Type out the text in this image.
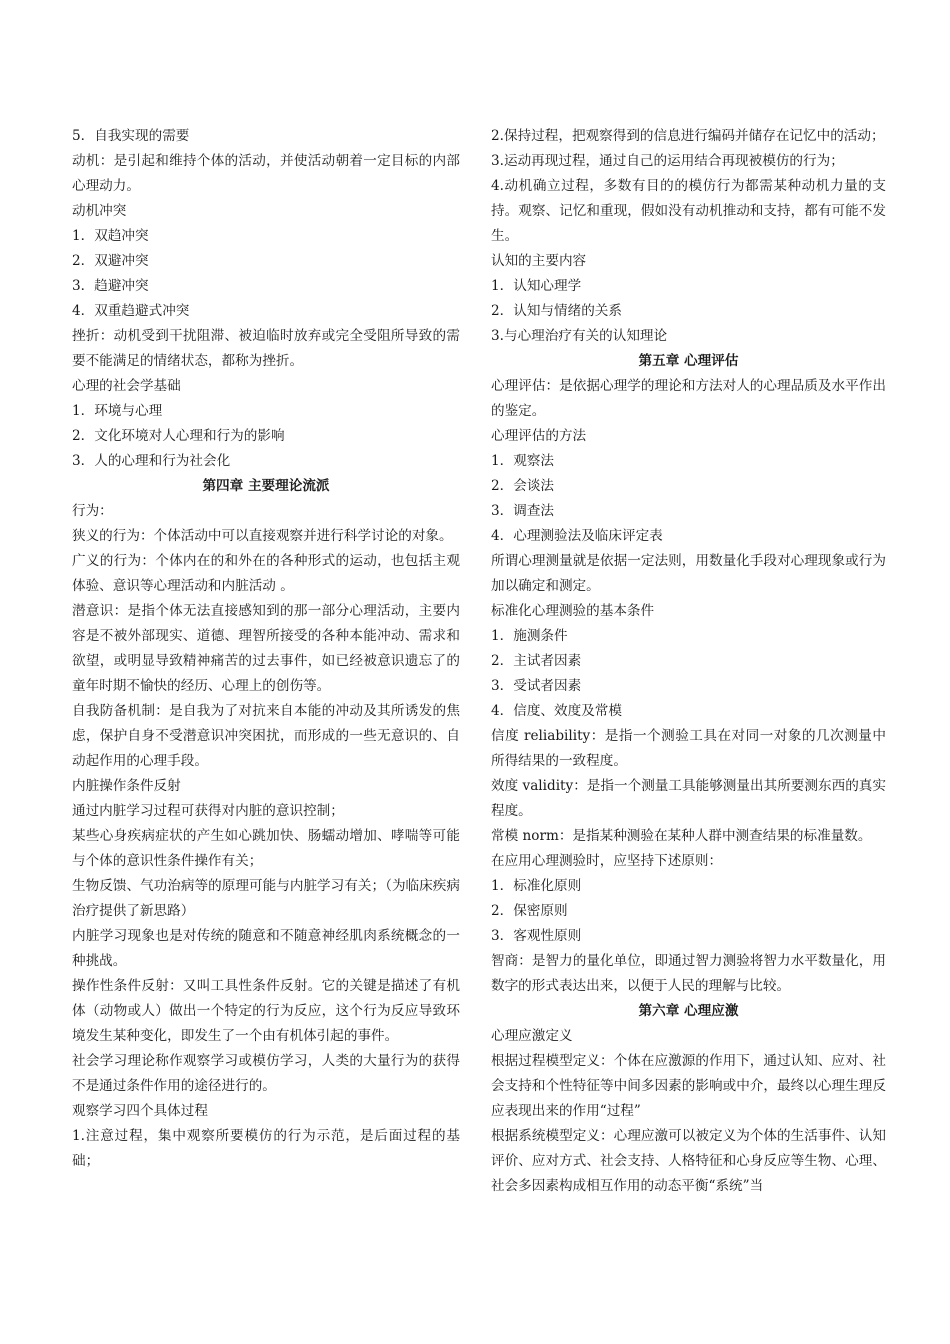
5．自我实现的需要

动机：是引起和维持个体的活动，并使活动朝着一定目标的内部心理动力。

动机冲突

1．双趋冲突

2．双避冲突

3．趋避冲突

4．双重趋避式冲突

挫折：动机受到干扰阻滞、被迫临时放弃或完全受阻所导致的需要不能满足的情绪状态，都称为挫折。

心理的社会学基础

1．环境与心理

2．文化环境对人心理和行为的影响

3．人的心理和行为社会化

第四章 主要理论流派

行为：

狭义的行为：个体活动中可以直接观察并进行科学讨论的对象。

广义的行为：个体内在的和外在的各种形式的运动，也包括主观体验、意识等心理活动和内脏活动 。

潜意识：是指个体无法直接感知到的那一部分心理活动，主要内容是不被外部现实、道德、理智所接受的各种本能冲动、需求和欲望，或明显导致精神痛苦的过去事件，如已经被意识遗忘了的童年时期不愉快的经历、心理上的创伤等。

自我防备机制：是自我为了对抗来自本能的冲动及其所诱发的焦虑，保护自身不受潜意识冲突困扰，而形成的一些无意识的、自动起作用的心理手段。

内脏操作条件反射

通过内脏学习过程可获得对内脏的意识控制；

某些心身疾病症状的产生如心跳加快、肠蠕动增加、哮喘等可能与个体的意识性条件操作有关；

生物反馈、气功治病等的原理可能与内脏学习有关；（为临床疾病治疗提供了新思路）

内脏学习现象也是对传统的随意和不随意神经肌肉系统概念的一种挑战。

操作性条件反射：又叫工具性条件反射。它的关键是描述了有机体（动物或人）做出一个特定的行为反应，这个行为反应导致环境发生某种变化，即发生了一个由有机体引起的事件。

社会学习理论称作观察学习或模仿学习，人类的大量行为的获得不是通过条件作用的途径进行的。

观察学习四个具体过程

1.注意过程，集中观察所要模仿的行为示范，是后面过程的基础；

2.保持过程，把观察得到的信息进行编码并储存在记忆中的活动；

3.运动再现过程，通过自己的运用结合再现被模仿的行为；

4.动机确立过程，多数有目的的模仿行为都需某种动机力量的支持。观察、记忆和重现，假如没有动机推动和支持，都有可能不发生。

认知的主要内容

1．认知心理学

2．认知与情绪的关系

3.与心理治疗有关的认知理论

第五章 心理评估

心理评估：是依据心理学的理论和方法对人的心理品质及水平作出的鉴定。

心理评估的方法

1．观察法

2．会谈法

3．调查法

4．心理测验法及临床评定表

所谓心理测量就是依据一定法则，用数量化手段对心理现象或行为加以确定和测定。

标准化心理测验的基本条件

1．施测条件

2．主试者因素

3．受试者因素

4．信度、效度及常模

信度 reliability：是指一个测验工具在对同一对象的几次测量中所得结果的一致程度。

效度 validity：是指一个测量工具能够测量出其所要测东西的真实程度。

常模 norm：是指某种测验在某种人群中测查结果的标准量数。

在应用心理测验时，应坚持下述原则：

1．标准化原则

2．保密原则

3．客观性原则

智商：是智力的量化单位，即通过智力测验将智力水平数量化，用数字的形式表达出来，以便于人民的理解与比较。

第六章 心理应激

心理应激定义

根据过程模型定义：个体在应激源的作用下，通过认知、应对、社会支持和个性特征等中间多因素的影响或中介，最终以心理生理反应表现出来的作用“过程”

根据系统模型定义：心理应激可以被定义为个体的生活事件、认知评价、应对方式、社会支持、人格特征和心身反应等生物、心理、社会多因素构成相互作用的动态平衡“系统”当
